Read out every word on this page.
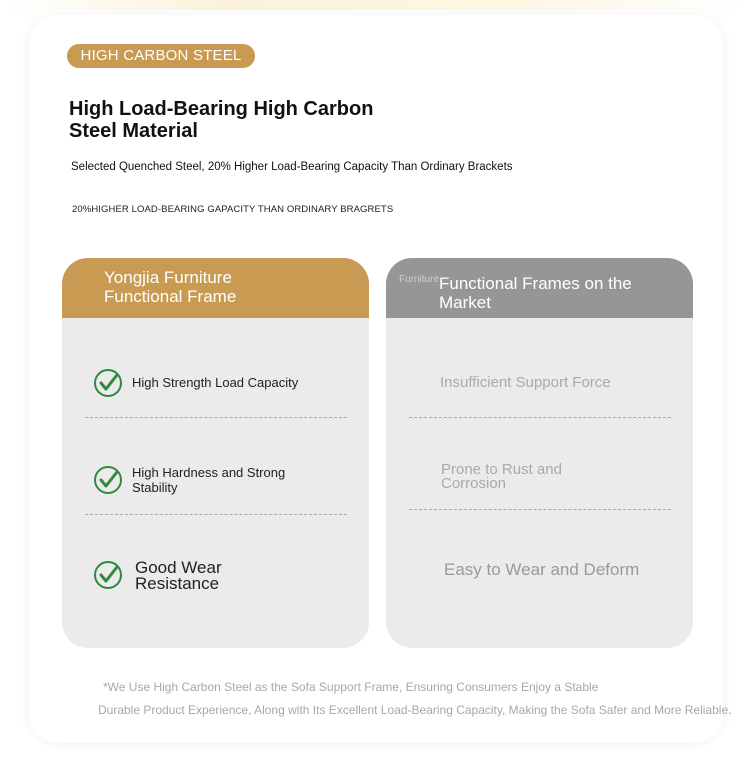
HIGH CARBON STEEL
High Load-Bearing High Carbon Steel Material
Selected Quenched Steel, 20% Higher Load-Bearing Capacity Than Ordinary Brackets
20%HIGHER LOAD-BEARING GAPACITY THAN ORDINARY BRAGRETS
Yongjia Furniture Functional Frame
High Strength Load Capacity
High Hardness and Strong Stability
Good Wear Resistance
Furniture Functional Frames on the Market
Insufficient Support Force
Prone to Rust and Corrosion
Easy to Wear and Deform
*We Use High Carbon Steel as the Sofa Support Frame, Ensuring Consumers Enjoy a Stable
Durable Product Experience, Along with Its Excellent Load-Bearing Capacity, Making the Sofa Safer and More Reliable.
